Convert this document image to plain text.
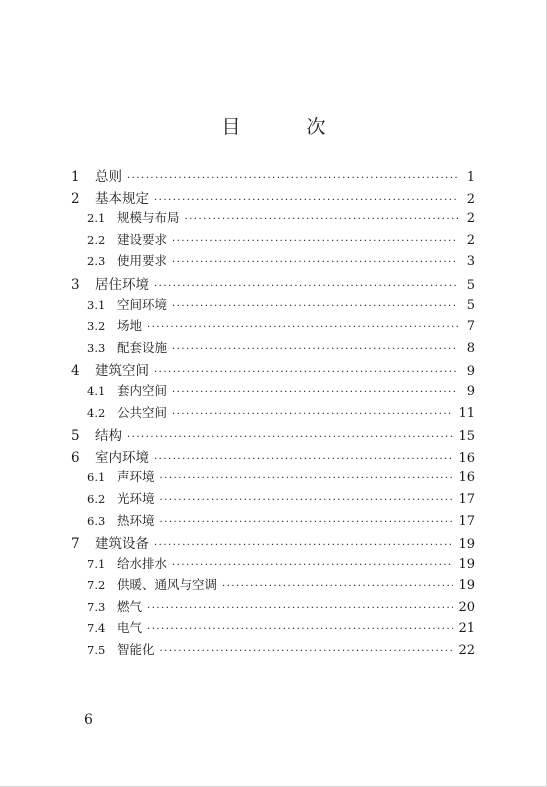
目 次
1	总则 ·····	1
2	基本规定 ·····	2
2.1 规模与布局 ·····	2
2.2 建设要求 ·····	2
2.3 使用要求 ·····	3
3	居住环境 ·····	5
3.1 空间环境 ·····	5
3.2 场地 ·····	7
3.3 配套设施 ·····	8
4	建筑空间 ·····	9
4.1 套内空间 ·····	9
4.2 公共空间 ·····	11
5	结构 ·····	15
6	室内环境 ·····	16
6.1 声环境 ·····	16
6.2 光环境 ·····	17
6.3 热环境 ·····	17
7	建筑设备 ·····	19
7.1 给水排水 ·····	19
7.2 供暖、通风与空调 ·····	19
7.3 燃气 ·····	20
7.4 电气 ·····	21
7.5 智能化 ·····	22
6
